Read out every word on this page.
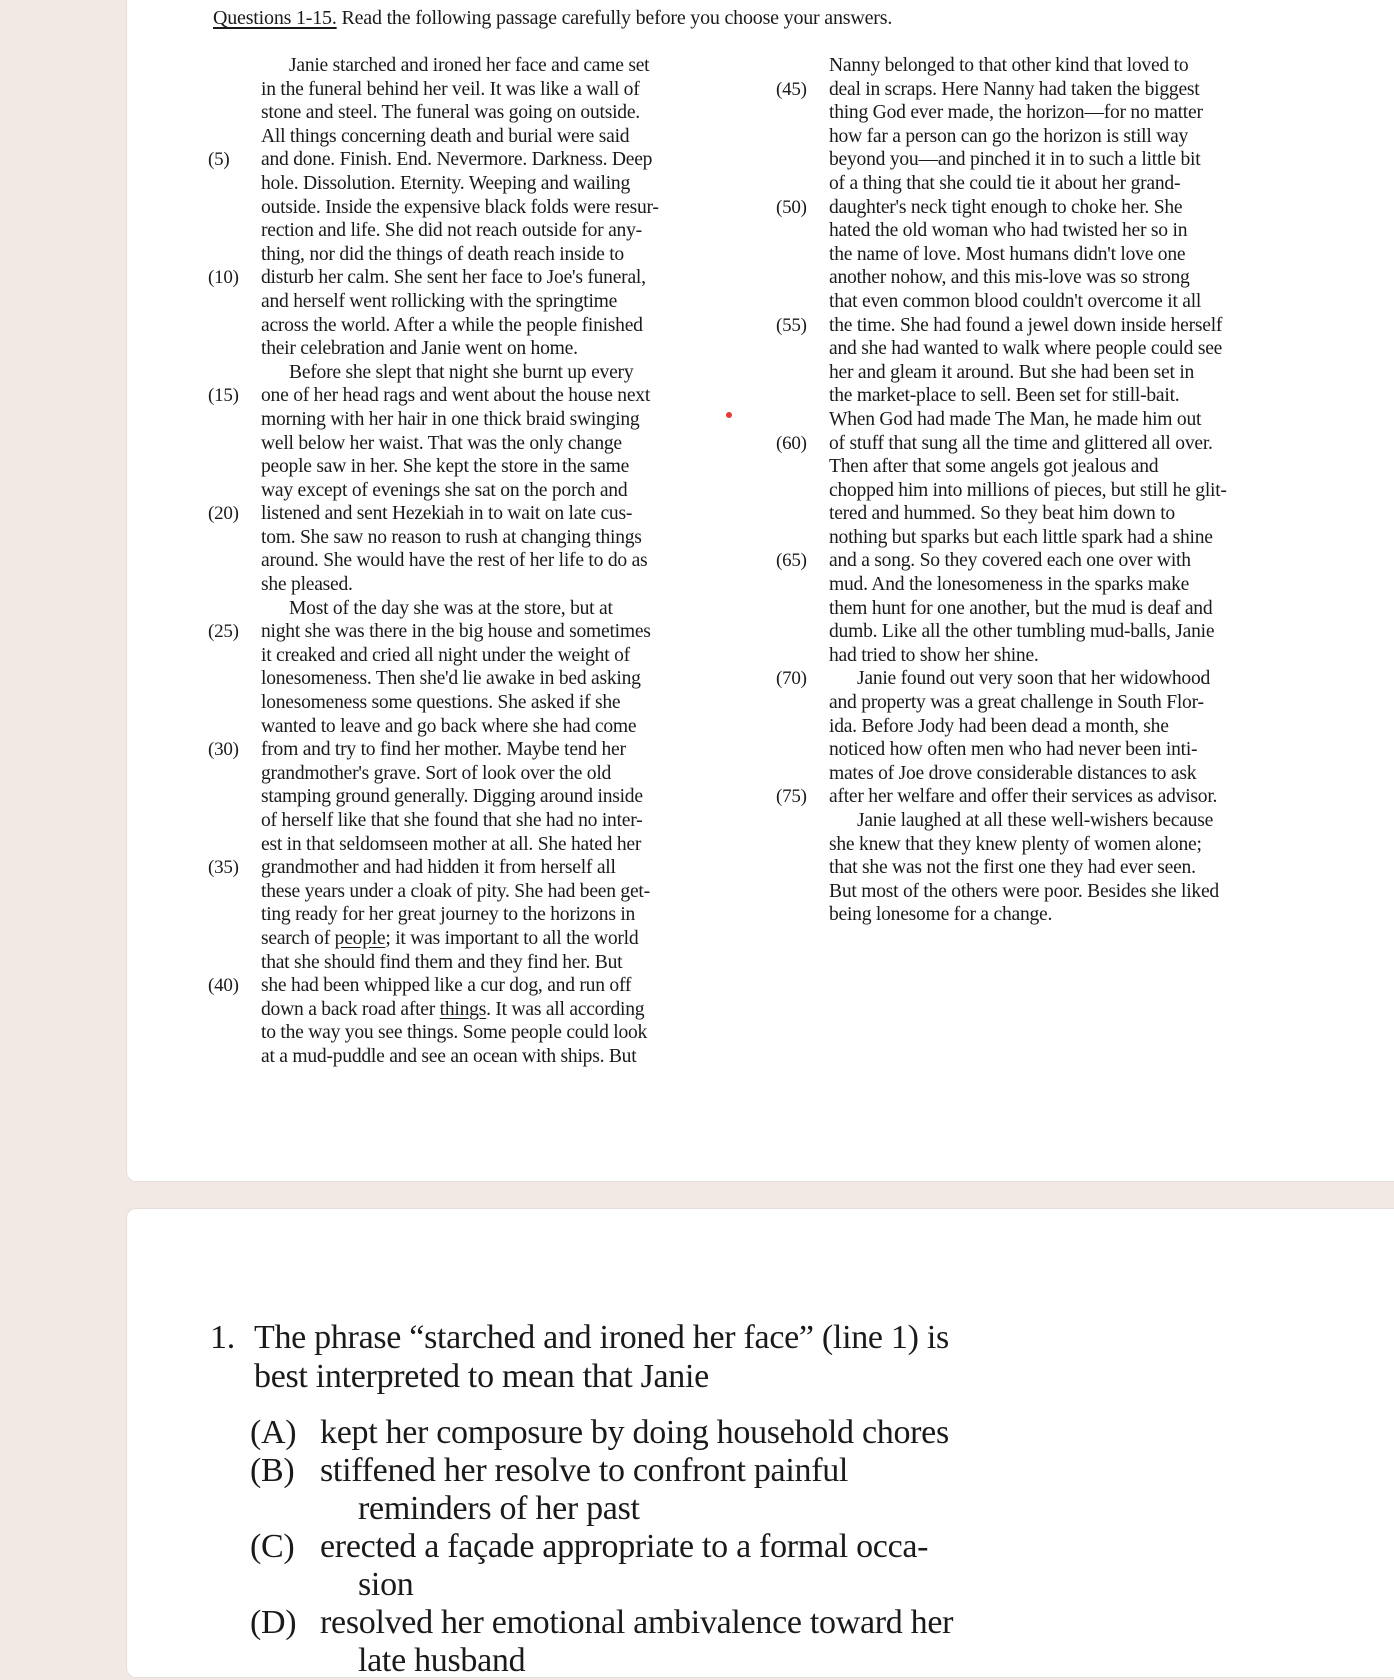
Questions 1-15. Read the following passage carefully before you choose your answers.
Janie starched and ironed her face and came set
in the funeral behind her veil. It was like a wall of
stone and steel. The funeral was going on outside.
All things concerning death and burial were said
(5) and done. Finish. End. Nevermore. Darkness. Deep
hole. Dissolution. Eternity. Weeping and wailing
outside. Inside the expensive black folds were resur-
rection and life. She did not reach outside for any-
thing, nor did the things of death reach inside to
(10) disturb her calm. She sent her face to Joe's funeral,
and herself went rollicking with the springtime
across the world. After a while the people finished
their celebration and Janie went on home.
Before she slept that night she burnt up every
(15) one of her head rags and went about the house next
morning with her hair in one thick braid swinging
well below her waist. That was the only change
people saw in her. She kept the store in the same
way except of evenings she sat on the porch and
(20) listened and sent Hezekiah in to wait on late cus-
tom. She saw no reason to rush at changing things
around. She would have the rest of her life to do as
she pleased.
Most of the day she was at the store, but at
(25) night she was there in the big house and sometimes
it creaked and cried all night under the weight of
lonesomeness. Then she'd lie awake in bed asking
lonesomeness some questions. She asked if she
wanted to leave and go back where she had come
(30) from and try to find her mother. Maybe tend her
grandmother's grave. Sort of look over the old
stamping ground generally. Digging around inside
of herself like that she found that she had no inter-
est in that seldomseen mother at all. She hated her
(35) grandmother and had hidden it from herself all
these years under a cloak of pity. She had been get-
ting ready for her great journey to the horizons in
search of people; it was important to all the world
that she should find them and they find her. But
(40) she had been whipped like a cur dog, and run off
down a back road after things. It was all according
to the way you see things. Some people could look
at a mud-puddle and see an ocean with ships. But
Nanny belonged to that other kind that loved to
(45) deal in scraps. Here Nanny had taken the biggest
thing God ever made, the horizon—for no matter
how far a person can go the horizon is still way
beyond you—and pinched it in to such a little bit
of a thing that she could tie it about her grand-
(50) daughter's neck tight enough to choke her. She
hated the old woman who had twisted her so in
the name of love. Most humans didn't love one
another nohow, and this mis-love was so strong
that even common blood couldn't overcome it all
(55) the time. She had found a jewel down inside herself
and she had wanted to walk where people could see
her and gleam it around. But she had been set in
the market-place to sell. Been set for still-bait.
When God had made The Man, he made him out
(60) of stuff that sung all the time and glittered all over.
Then after that some angels got jealous and
chopped him into millions of pieces, but still he glit-
tered and hummed. So they beat him down to
nothing but sparks but each little spark had a shine
(65) and a song. So they covered each one over with
mud. And the lonesomeness in the sparks make
them hunt for one another, but the mud is deaf and
dumb. Like all the other tumbling mud-balls, Janie
had tried to show her shine.
(70)	Janie found out very soon that her widowhood
and property was a great challenge in South Flor-
ida. Before Jody had been dead a month, she
noticed how often men who had never been inti-
mates of Joe drove considerable distances to ask
(75) after her welfare and offer their services as advisor.
Janie laughed at all these well-wishers because
she knew that they knew plenty of women alone;
that she was not the first one they had ever seen.
But most of the others were poor. Besides she liked
being lonesome for a change.
1. The phrase “starched and ironed her face” (line 1) is
best interpreted to mean that Janie
(A) kept her composure by doing household chores
(B) stiffened her resolve to confront painful
reminders of her past
(C) erected a façade appropriate to a formal occa-
sion
(D) resolved her emotional ambivalence toward her
late husband
